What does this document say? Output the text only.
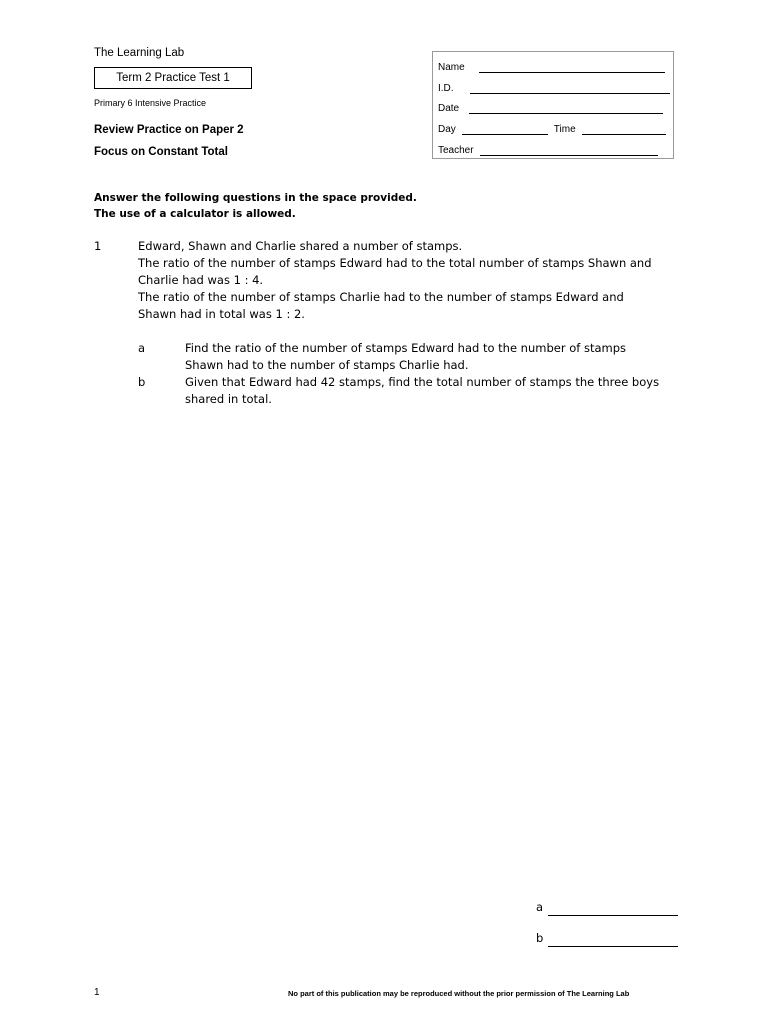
The Learning Lab
Term 2 Practice Test 1
Primary 6 Intensive Practice
Review Practice on Paper 2
Focus on Constant Total
Name
I.D.
Date
Day	Time
Teacher
Answer the following questions in the space provided.
The use of a calculator is allowed.
1	Edward, Shawn and Charlie shared a number of stamps.
The ratio of the number of stamps Edward had to the total number of stamps Shawn and
Charlie had was 1 : 4.
The ratio of the number of stamps Charlie had to the number of stamps Edward and
Shawn had in total was 1 : 2.
a	Find the ratio of the number of stamps Edward had to the number of stamps
Shawn had to the number of stamps Charlie had.
b	Given that Edward had 42 stamps, find the total number of stamps the three boys
shared in total.
a
b
1	No part of this publication may be reproduced without the prior permission of The Learning Lab
